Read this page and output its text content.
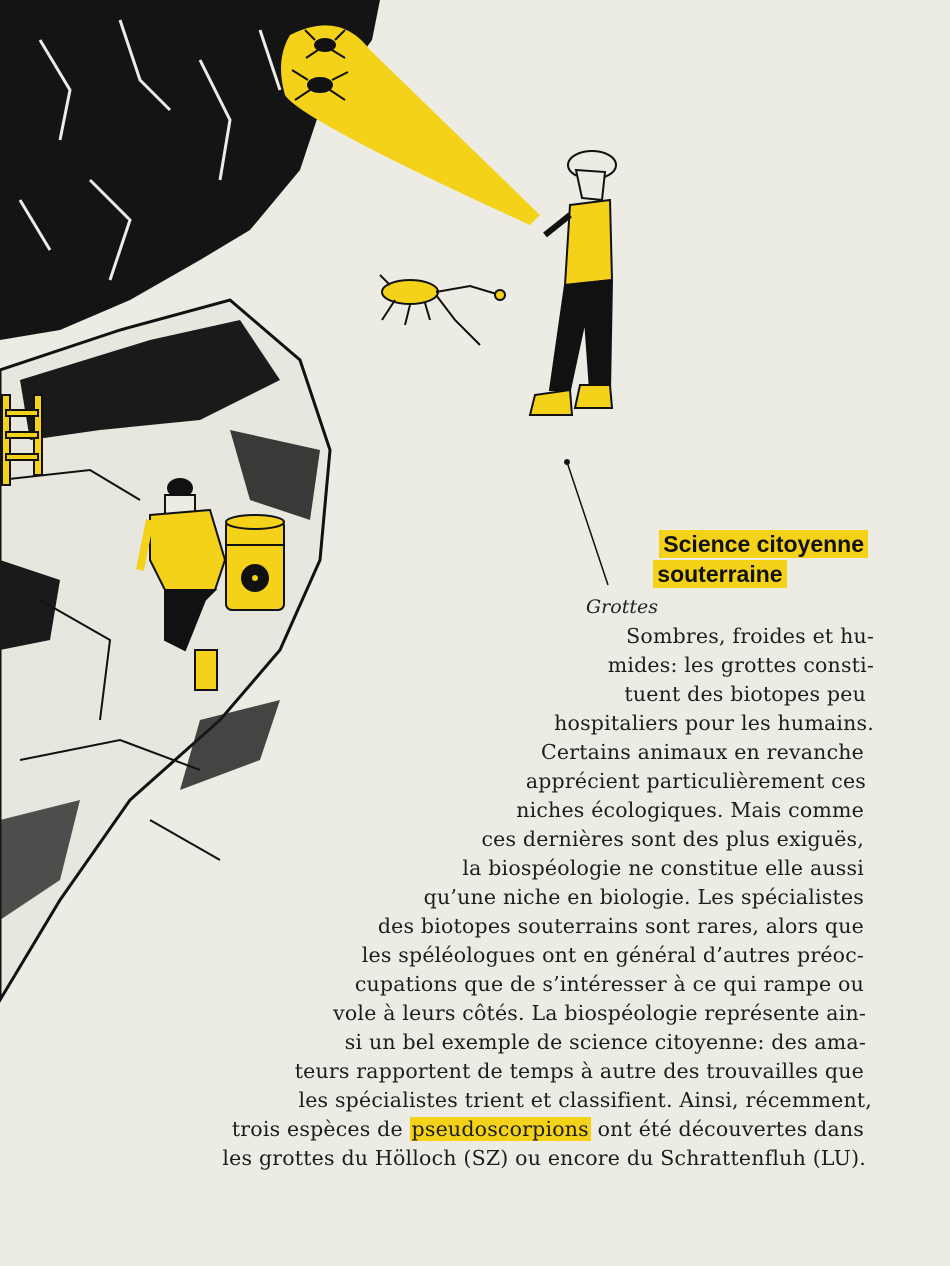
Science citoyenne
souterraine
Grottes
Sombres, froides et hu-
mides: les grottes consti-
tuent des biotopes peu
hospitaliers pour les humains.
Certains animaux en revanche
apprécient particulièrement ces
niches écologiques. Mais comme
ces dernières sont des plus exiguës,
la biospéologie ne constitue elle aussi
qu’une niche en biologie. Les spécialistes
des biotopes souterrains sont rares, alors que
les spéléologues ont en général d’autres préoc-
cupations que de s’intéresser à ce qui rampe ou
vole à leurs côtés. La biospéologie représente ain-
si un bel exemple de science citoyenne: des ama-
teurs rapportent de temps à autre des trouvailles que
les spécialistes trient et classifient. Ainsi, récemment,
trois espèces de pseudoscorpions ont été découvertes dans
les grottes du Hölloch (SZ) ou encore du Schrattenfluh (LU).
